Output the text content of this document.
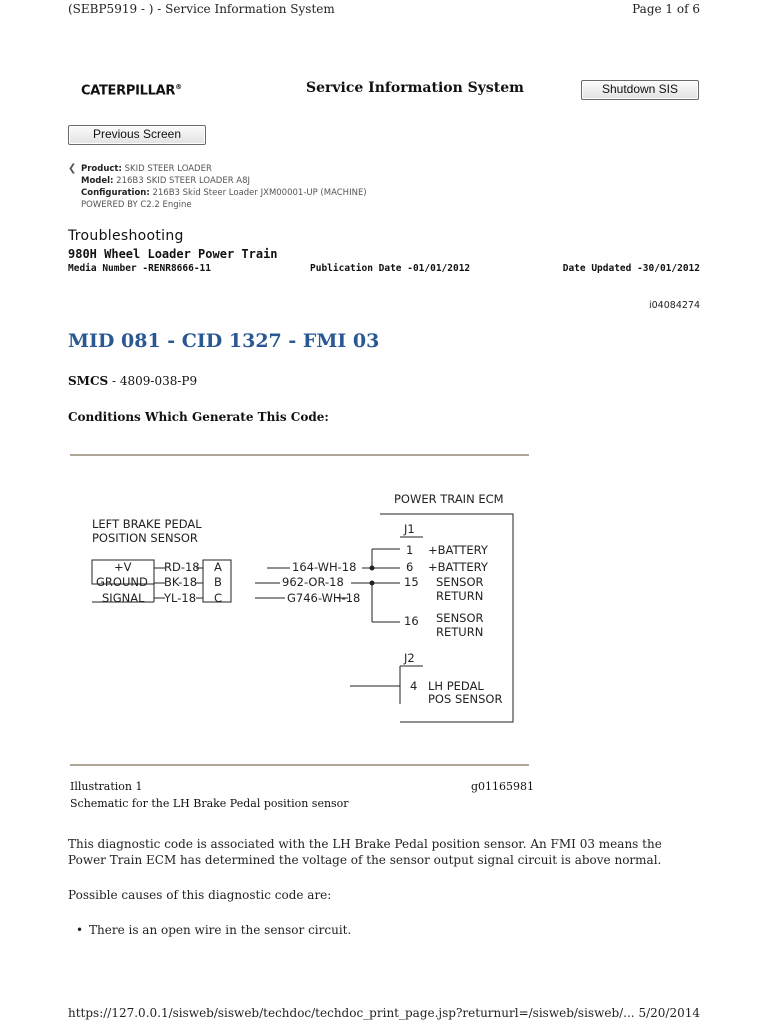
(SEBP5919 - ) - Service Information System	Page 1 of 6
CATERPILLAR®	Service Information System	Shutdown SIS
Previous Screen
❮ Product: SKID STEER LOADER
Model: 216B3 SKID STEER LOADER A8J
Configuration: 216B3 Skid Steer Loader JXM00001-UP (MACHINE)
POWERED BY C2.2 Engine
Troubleshooting
980H Wheel Loader Power Train
Media Number -RENR8666-11	Publication Date -01/01/2012	Date Updated -30/01/2012
i04084274
MID 081 - CID 1327 - FMI 03
SMCS - 4809-038-P9
Conditions Which Generate This Code:
POWER TRAIN ECM
LEFT BRAKE PEDAL
POSITION SENSOR
J1
J2
+V
GROUND
SIGNAL
RD-18
BK-18
YL-18
A
B
C
164-WH-18
962-OR-18
G746-WH-18
1 +BATTERY
6 +BATTERY
15 SENSOR
RETURN
16 SENSOR
RETURN
4 LH PEDAL
POS SENSOR
Illustration 1	g01165981
Schematic for the LH Brake Pedal position sensor
This diagnostic code is associated with the LH Brake Pedal position sensor. An FMI 03 means the Power Train ECM has determined the voltage of the sensor output signal circuit is above normal.
Possible causes of this diagnostic code are:
• There is an open wire in the sensor circuit.
https://127.0.0.1/sisweb/sisweb/techdoc/techdoc_print_page.jsp?returnurl=/sisweb/sisweb/... 5/20/2014
